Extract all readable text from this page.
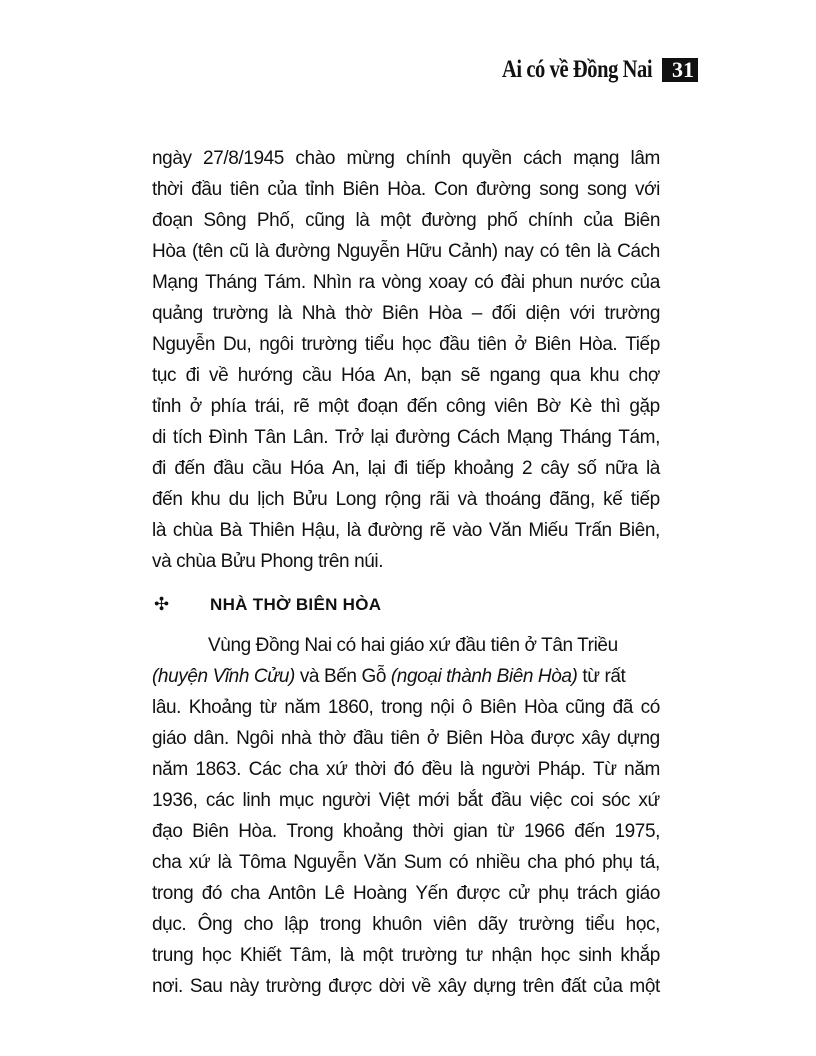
Ai có về Đồng Nai 31
ngày 27/8/1945 chào mừng chính quyền cách mạng lâm
thời đầu tiên của tỉnh Biên Hòa. Con đường song song với
đoạn Sông Phố, cũng là một đường phố chính của Biên
Hòa (tên cũ là đường Nguyễn Hữu Cảnh) nay có tên là Cách
Mạng Tháng Tám. Nhìn ra vòng xoay có đài phun nước của
quảng trường là Nhà thờ Biên Hòa – đối diện với trường
Nguyễn Du, ngôi trường tiểu học đầu tiên ở Biên Hòa. Tiếp
tục đi về hướng cầu Hóa An, bạn sẽ ngang qua khu chợ
tỉnh ở phía trái, rẽ một đoạn đến công viên Bờ Kè thì gặp
di tích Đình Tân Lân. Trở lại đường Cách Mạng Tháng Tám,
đi đến đầu cầu Hóa An, lại đi tiếp khoảng 2 cây số nữa là
đến khu du lịch Bửu Long rộng rãi và thoáng đãng, kế tiếp
là chùa Bà Thiên Hậu, là đường rẽ vào Văn Miếu Trấn Biên,
và chùa Bửu Phong trên núi.
✣	NHÀ THỜ BIÊN HÒA
Vùng Đồng Nai có hai giáo xứ đầu tiên ở Tân Triều
(huyện Vĩnh Cửu) và Bến Gỗ (ngoại thành Biên Hòa) từ rất
lâu. Khoảng từ năm 1860, trong nội ô Biên Hòa cũng đã có
giáo dân. Ngôi nhà thờ đầu tiên ở Biên Hòa được xây dựng
năm 1863. Các cha xứ thời đó đều là người Pháp. Từ năm
1936, các linh mục người Việt mới bắt đầu việc coi sóc xứ
đạo Biên Hòa. Trong khoảng thời gian từ 1966 đến 1975,
cha xứ là Tôma Nguyễn Văn Sum có nhiều cha phó phụ tá,
trong đó cha Antôn Lê Hoàng Yến được cử phụ trách giáo
dục. Ông cho lập trong khuôn viên dãy trường tiểu học,
trung học Khiết Tâm, là một trường tư nhận học sinh khắp
nơi. Sau này trường được dời về xây dựng trên đất của một
